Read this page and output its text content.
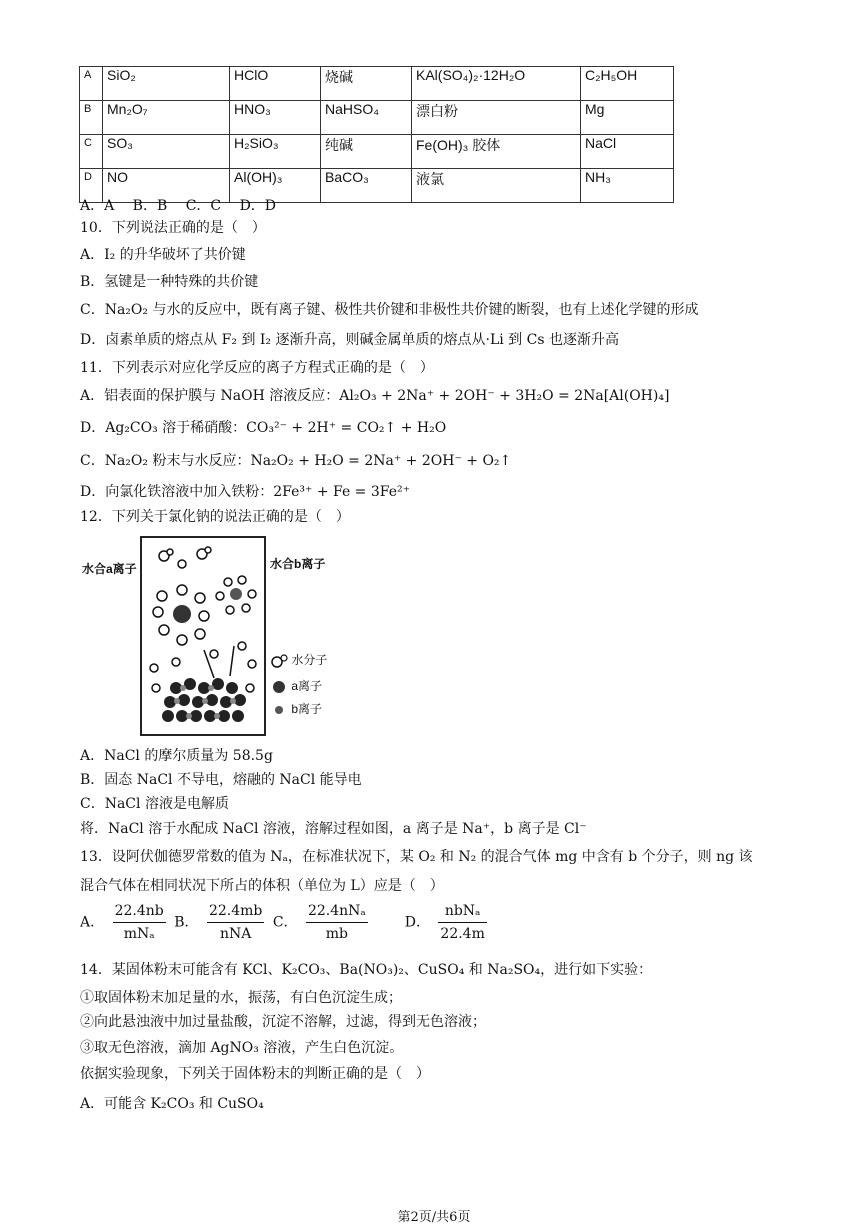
A	SiO₂	HClO	烧碱	KAl(SO₄)₂·12H₂O	C₂H₅OH
B	Mn₂O₇	HNO₃	NaHSO₄	漂白粉	Mg
C	SO₃	H₂SiO₃	纯碱	Fe(OH)₃ 胶体	NaCl
D	NO	Al(OH)₃	BaCO₃	液氯	NH₃
A．A　 B．B　 C．C　 D．D
10．下列说法正确的是（　）
A．I₂ 的升华破坏了共价键
B．氢键是一种特殊的共价键
C．Na₂O₂ 与水的反应中，既有离子键、极性共价键和非极性共价键的断裂，也有上述化学键的形成
D．卤素单质的熔点从 F₂ 到 I₂ 逐渐升高，则碱金属单质的熔点从·Li 到 Cs 也逐渐升高
11．下列表示对应化学反应的离子方程式正确的是（　）
A．铝表面的保护膜与 NaOH 溶液反应：Al₂O₃ + 2Na⁺ + 2OH⁻ + 3H₂O = 2Na[Al(OH)₄]
D．Ag₂CO₃ 溶于稀硝酸：CO₃²⁻ + 2H⁺ = CO₂↑ + H₂O
C．Na₂O₂ 粉末与水反应：Na₂O₂ + H₂O = 2Na⁺ + 2OH⁻ + O₂↑
D．向氯化铁溶液中加入铁粉：2Fe³⁺ + Fe = 3Fe²⁺
12．下列关于氯化钠的说法正确的是（　）
水合a离子	水合b离子
水分子
a离子
b离子
A．NaCl 的摩尔质量为 58.5g
B．固态 NaCl 不导电，熔融的 NaCl 能导电
C．NaCl 溶液是电解质
将．NaCl 溶于水配成 NaCl 溶液，溶解过程如图，a 离子是 Na⁺，b 离子是 Cl⁻
13．设阿伏伽德罗常数的值为 Nₐ，在标准状况下，某 O₂ 和 N₂ 的混合气体 mg 中含有 b 个分子，则 ng 该
混合气体在相同状况下所占的体积（单位为 L）应是（　）
A． $\frac{22.4nb}{\text{mNₐ}}$ B． $\frac{22.4mb}{\text{nNA}}$ C． $\frac{\text{22.4nNₐ}}{mb}$	D． $\frac{\text{nbNₐ}}{22.4m}$
14．某固体粉末可能含有 KCl、K₂CO₃、Ba(NO₃)₂、CuSO₄ 和 Na₂SO₄，进行如下实验：
①取固体粉末加足量的水，振荡，有白色沉淀生成；
②向此悬浊液中加过量盐酸，沉淀不溶解，过滤，得到无色溶液；
③取无色溶液，滴加 AgNO₃ 溶液，产生白色沉淀。
依据实验现象，下列关于固体粉末的判断正确的是（　）
A．可能含 K₂CO₃ 和 CuSO₄
第2页/共6页
